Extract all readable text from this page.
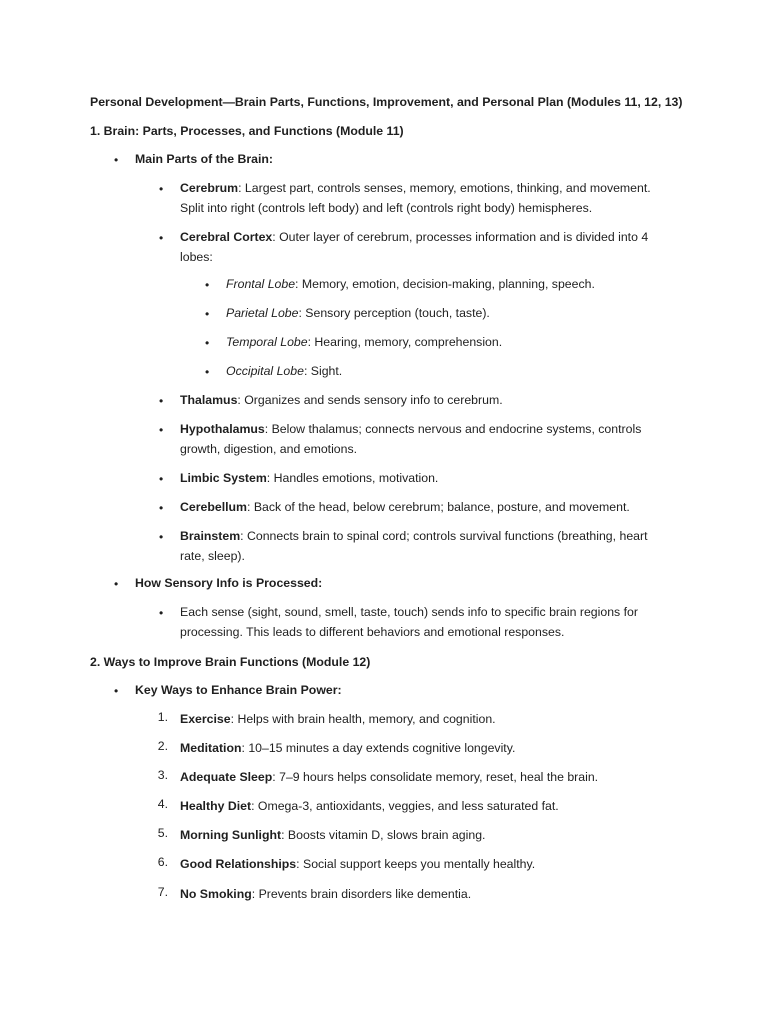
Personal Development—Brain Parts, Functions, Improvement, and Personal Plan (Modules 11, 12, 13)
1. Brain: Parts, Processes, and Functions (Module 11)
• Main Parts of the Brain:
• Cerebrum: Largest part, controls senses, memory, emotions, thinking, and movement. Split into right (controls left body) and left (controls right body) hemispheres.
• Cerebral Cortex: Outer layer of cerebrum, processes information and is divided into 4 lobes:
• Frontal Lobe: Memory, emotion, decision-making, planning, speech.
• Parietal Lobe: Sensory perception (touch, taste).
• Temporal Lobe: Hearing, memory, comprehension.
• Occipital Lobe: Sight.
• Thalamus: Organizes and sends sensory info to cerebrum.
• Hypothalamus: Below thalamus; connects nervous and endocrine systems, controls growth, digestion, and emotions.
• Limbic System: Handles emotions, motivation.
• Cerebellum: Back of the head, below cerebrum; balance, posture, and movement.
• Brainstem: Connects brain to spinal cord; controls survival functions (breathing, heart rate, sleep).
• How Sensory Info is Processed:
• Each sense (sight, sound, smell, taste, touch) sends info to specific brain regions for processing. This leads to different behaviors and emotional responses.
2. Ways to Improve Brain Functions (Module 12)
• Key Ways to Enhance Brain Power:
1. Exercise: Helps with brain health, memory, and cognition.
2. Meditation: 10–15 minutes a day extends cognitive longevity.
3. Adequate Sleep: 7–9 hours helps consolidate memory, reset, heal the brain.
4. Healthy Diet: Omega-3, antioxidants, veggies, and less saturated fat.
5. Morning Sunlight: Boosts vitamin D, slows brain aging.
6. Good Relationships: Social support keeps you mentally healthy.
7. No Smoking: Prevents brain disorders like dementia.
